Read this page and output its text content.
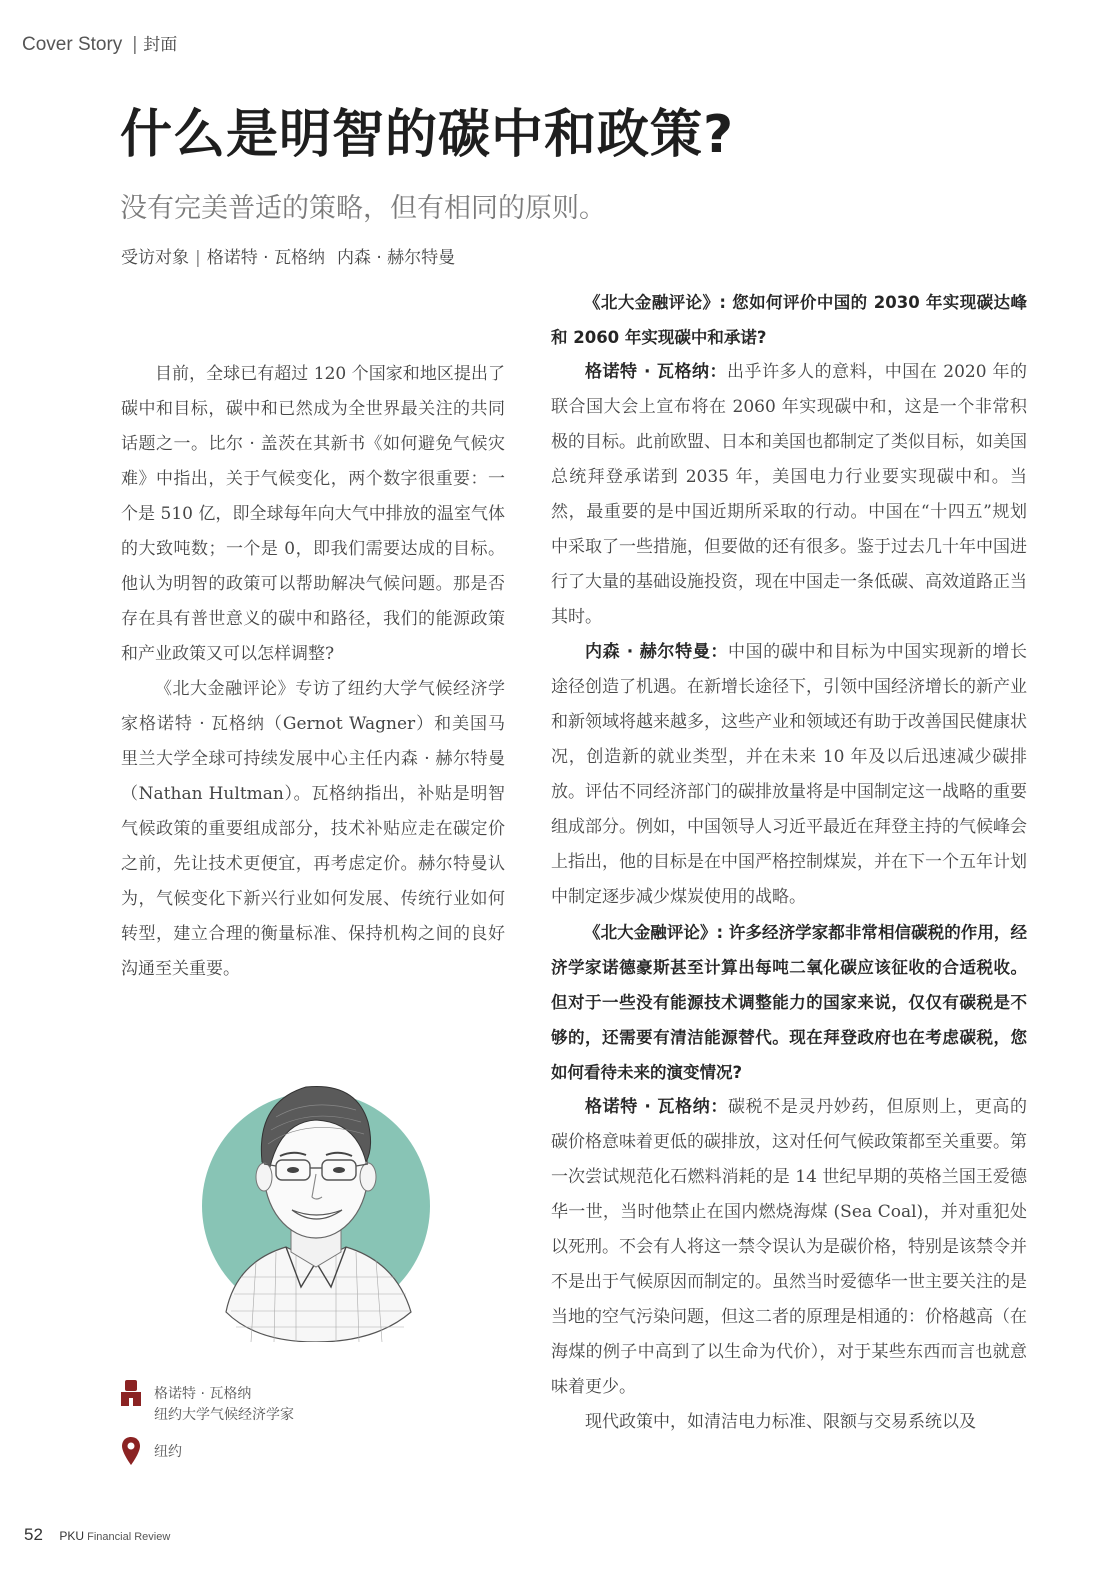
Cover Story | 封面
什么是明智的碳中和政策?
没有完美普适的策略，但有相同的原则。
受访对象 | 格诺特 · 瓦格纳 内森 · 赫尔特曼

目前，全球已有超过 120 个国家和地区提出了碳中和目标，碳中和已然成为全世界最关注的共同话题之一。比尔 · 盖茨在其新书《如何避免气候灾难》中指出，关于气候变化，两个数字很重要：一个是 510 亿，即全球每年向大气中排放的温室气体的大致吨数；一个是 0，即我们需要达成的目标。他认为明智的政策可以帮助解决气候问题。那是否存在具有普世意义的碳中和路径，我们的能源政策和产业政策又可以怎样调整?

《北大金融评论》专访了纽约大学气候经济学家格诺特 · 瓦格纳（Gernot Wagner）和美国马里兰大学全球可持续发展中心主任内森 · 赫尔特曼（Nathan Hultman）。瓦格纳指出，补贴是明智气候政策的重要组成部分，技术补贴应走在碳定价之前，先让技术更便宜，再考虑定价。赫尔特曼认为，气候变化下新兴行业如何发展、传统行业如何转型，建立合理的衡量标准、保持机构之间的良好沟通至关重要。

《北大金融评论》: 您如何评价中国的 2030 年实现碳达峰和 2060 年实现碳中和承诺?

格诺特 · 瓦格纳：出乎许多人的意料，中国在 2020 年的联合国大会上宣布将在 2060 年实现碳中和，这是一个非常积极的目标。此前欧盟、日本和美国也都制定了类似目标，如美国总统拜登承诺到 2035 年，美国电力行业要实现碳中和。当然，最重要的是中国近期所采取的行动。中国在“十四五”规划中采取了一些措施，但要做的还有很多。鉴于过去几十年中国进行了大量的基础设施投资，现在中国走一条低碳、高效道路正当其时。

内森 · 赫尔特曼：中国的碳中和目标为中国实现新的增长途径创造了机遇。在新增长途径下，引领中国经济增长的新产业和新领域将越来越多，这些产业和领域还有助于改善国民健康状况，创造新的就业类型，并在未来 10 年及以后迅速减少碳排放。评估不同经济部门的碳排放量将是中国制定这一战略的重要组成部分。例如，中国领导人习近平最近在拜登主持的气候峰会上指出，他的目标是在中国严格控制煤炭，并在下一个五年计划中制定逐步减少煤炭使用的战略。

《北大金融评论》: 许多经济学家都非常相信碳税的作用，经济学家诺德豪斯甚至计算出每吨二氧化碳应该征收的合适税收。但对于一些没有能源技术调整能力的国家来说，仅仅有碳税是不够的，还需要有清洁能源替代。现在拜登政府也在考虑碳税，您如何看待未来的演变情况?

格诺特 · 瓦格纳：碳税不是灵丹妙药，但原则上，更高的碳价格意味着更低的碳排放，这对任何气候政策都至关重要。第一次尝试规范化石燃料消耗的是 14 世纪早期的英格兰国王爱德华一世，当时他禁止在国内燃烧海煤 (Sea Coal)，并对重犯处以死刑。不会有人将这一禁令误认为是碳价格，特别是该禁令并不是出于气候原因而制定的。虽然当时爱德华一世主要关注的是当地的空气污染问题，但这二者的原理是相通的：价格越高（在海煤的例子中高到了以生命为代价），对于某些东西而言也就意味着更少。

现代政策中，如清洁电力标准、限额与交易系统以及

格诺特 · 瓦格纳
纽约大学气候经济学家
纽约
52 PKU Financial Review
